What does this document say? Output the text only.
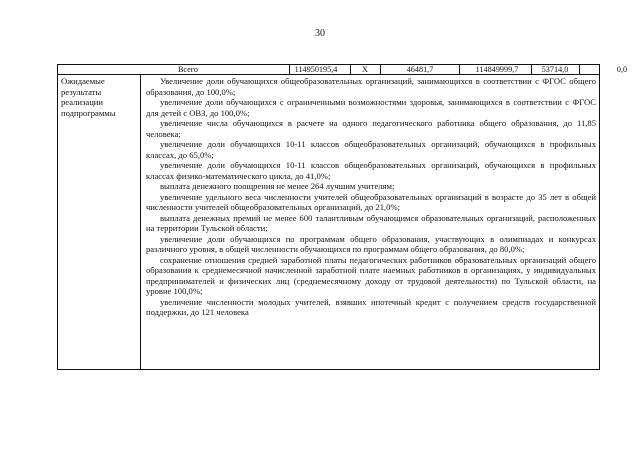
30
Всего	114950195,4	X	46481,7	114849999,7	53714,0	0,0
Ожидаемые результаты реализации подпрограммы

Увеличение доли обучающихся общеобразовательных организаций, занимающихся в соответствии с ФГОС общего образования, до 100,0%;

увеличение доли обучающихся с ограниченными возможностями здоровья, занимающихся в соответствии с ФГОС для детей с ОВЗ, до 100,0%;

увеличение числа обучающихся в расчете на одного педагогического работника общего образования, до 11,85 человека;

увеличение доли обучающихся 10-11 классов общеобразовательных организаций, обучающихся в профильных классах, до 65,0%;

увеличение доли обучающихся 10-11 классов общеобразовательных организаций, обучающихся в профильных классах физико-математического цикла, до 41,0%;

выплата денежного поощрения не менее 264 лучшим учителям;

увеличение удельного веса численности учителей общеобразовательных организаций в возрасте до 35 лет в общей численности учителей общеобразовательных организаций, до 21,0%;

выплата денежных премий не менее 600 талантливым обучающимся образовательных организаций, расположенных на территории Тульской области;

увеличение доли обучающихся по программам общего образования, участвующих в олимпиадах и конкурсах различного уровня, в общей численности обучающихся по программам общего образования, до 80,0%;

сохранение отношения средней заработной платы педагогических работников образовательных организаций общего образования к среднемесячной начисленной заработной плате наемных работников в организациях, у индивидуальных предпринимателей и физических лиц (среднемесячному доходу от трудовой деятельности) по Тульской области, на уровне 100,0%;

увеличение численности молодых учителей, взявших ипотечный кредит с получением средств государственной поддержки, до 121 человека
